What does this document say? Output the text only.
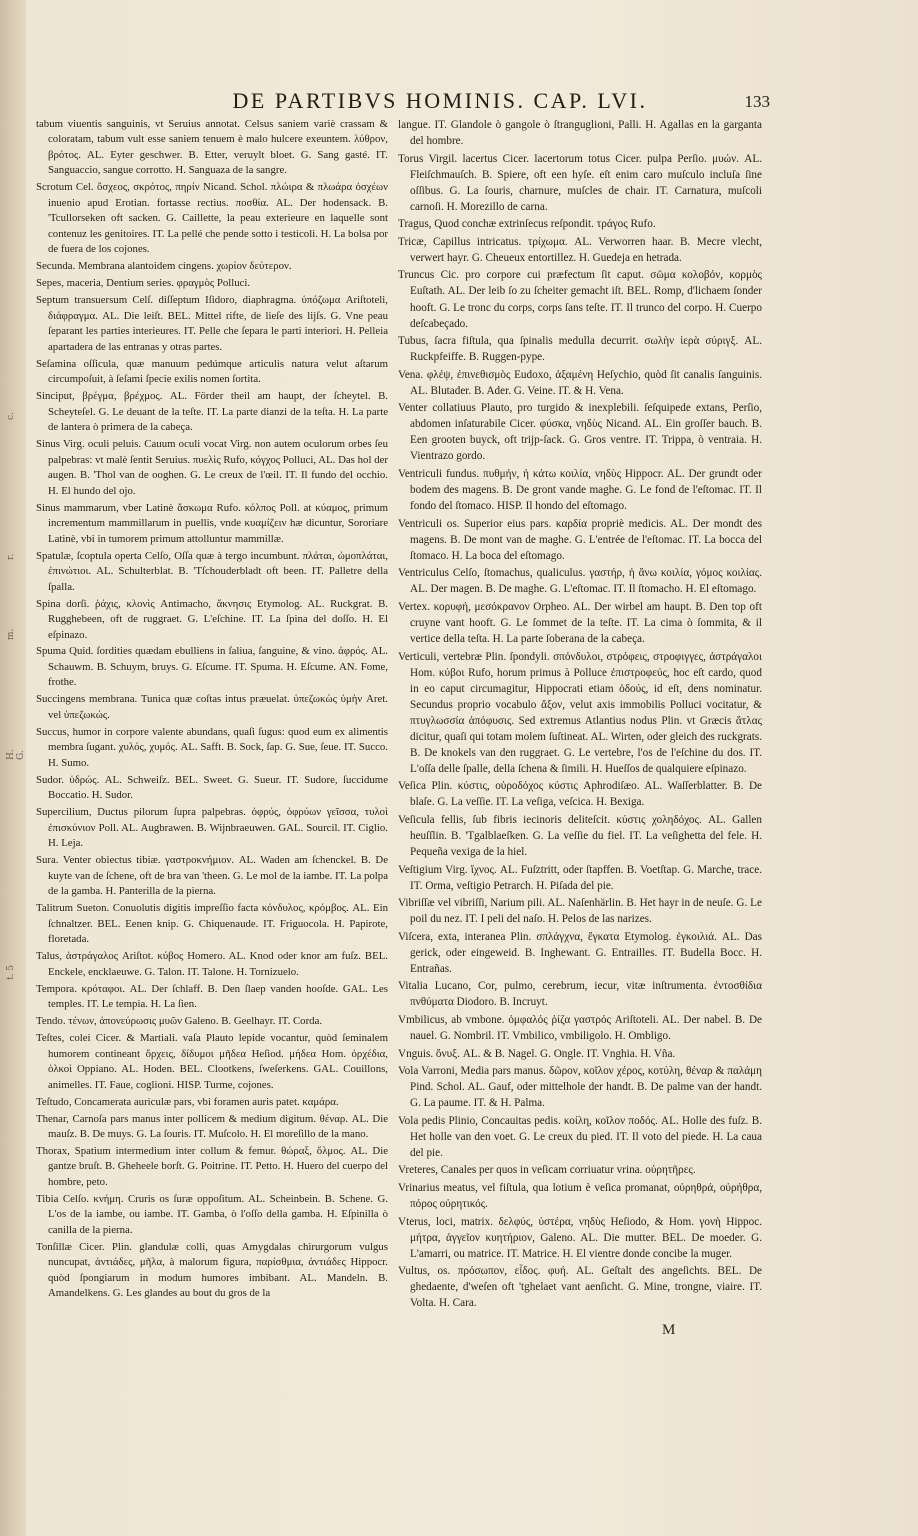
c.
r.
m.
H. G.
t. 5
DE PARTIBVS HOMINIS. CAP. LVI.	133

tabum viuentis sanguinis, vt Seruius annotat. Celsus saniem variè crassam & coloratam, tabum vult esse saniem tenuem è malo hulcere exeuntem. λύθρον, βρότος. AL. Eyter geschwer. B. Etter, veruylt bloet. G. Sang gasté. IT. Sanguaccio, sangue corrotto. H. Sanguaza de la sangre.

Scrotum Cel. ὄσχεος, σκρότος, πηρίν Nicand. Schol. πλώιρα & πλωάρα ὀσχέων inuenio apud Erotian. fortasse rectius. ποσθία. AL. Der hodensack. B. 'Tcullorseken oft sacken. G. Caillette, la peau exterieure en laquelle sont contenuz les genitoires. IT. La pellé che pende sotto i testicoli. H. La bolsa por de fuera de los cojones.

Secunda. Membrana alantoidem cingens. χωρίον δεύτερον.

Sepes, maceria, Dentium series. φραγμὸς Polluci.

Septum transuersum Celſ. diſſeptum Iſidoro, diaphragma. ὑπόζωμα Ariſtoteli, διάφραγμα. AL. Die leiſt. BEL. Mittel rifte, de lieſe des lijſs. G. Vne peau ſeparant les parties interieures. IT. Pelle che ſepara le parti interiori. H. Pelleia apartadera de las entranas y otras partes.

Seſamina oſſicula, quæ manuum pedúmque articulis natura velut aſtarum circumpoſuit, à ſeſami ſpecie exilis nomen ſortita.

Sinciput, βρέγμα, βρέχμος. AL. Förder theil am haupt, der ſcheytel. B. Scheyteſel. G. Le deuant de la teſte. IT. La parte dianzi de la teſta. H. La parte de lantera ò primera de la cabeça.

Sinus Virg. oculi peluis. Cauum oculi vocat Virg. non autem oculorum orbes ſeu palpebras: vt malè ſentit Seruius. πυελὶς Rufo, κόγχος Polluci, AL. Das hol der augen. B. 'Thol van de ooghen. G. Le creux de l'œil. IT. Il fundo del occhio. H. El hundo del ojo.

Sinus mammarum, vber Latinè ἄσκωμα Rufo. κόλπος Poll. at κύαμος, primum incrementum mammillarum in puellis, vnde κυαμίζειν hæ dicuntur, Sororiare Latinè, vbi in tumorem primum attolluntur mammillæ.

Spatulæ, ſcoptula operta Celſo, Oſſa quæ à tergo incumbunt. πλάται, ὠμοπλάται, ἐπινώτιοι. AL. Schulterblat. B. 'Tſchouderbladt oft been. IT. Palletre della ſpalla.

Spina dorſi. ῥάχις, κλονὶς Antimacho, ἄκνησις Etymolog. AL. Ruckgrat. B. Rugghebeen, oft de ruggraet. G. L'eſchine. IT. La ſpina del doſſo. H. El eſpinazo.

Spuma Quid. ſordities quædam ebulliens in ſaliua, ſanguine, & vino. ἀφρός. AL. Schauwm. B. Schuym, bruys. G. Eſcume. IT. Spuma. H. Eſcume. AN. Fome, frothe.

Succingens membrana. Tunica quæ coſtas intus præuelat. ὑπεζωκὼς ὑμὴν Aret. vel ὑπεζωκώς.

Succus, humor in corpore valente abundans, quaſi ſugus: quod eum ex alimentis membra ſugant. χυλός, χυμός. AL. Safft. B. Sock, ſap. G. Sue, ſeue. IT. Succo. H. Sumo.

Sudor. ὑδρώς. AL. Schweiſz. BEL. Sweet. G. Sueur. IT. Sudore, ſuccidume Boccatio. H. Sudor.

Supercilium, Ductus pilorum ſupra palpebras. ὀφρύς, ὀφρύων γεῖσσα, τυλοὶ ἐπισκύνιον Poll. AL. Augbrawen. B. Wijnbraeuwen. GAL. Sourcil. IT. Ciglio. H. Leja.

Sura. Venter obiectus tibiæ. γαστροκνήμιον. AL. Waden am ſchenckel. B. De kuyte van de ſchene, oft de bra van 'theen. G. Le mol de la iambe. IT. La polpa de la gamba. H. Panterilla de la pierna.

Talitrum Sueton. Conuolutis digitis impreſſio facta κόνδυλος, κρόμβος. AL. Ein ſchnaltzer. BEL. Eenen knip. G. Chiquenaude. IT. Friguocola. H. Papirote, floretada.

Talus, ἀστράγαλος Ariſtot. κύβος Homero. AL. Knod oder knor am fuſz. BEL. Enckele, encklaeuwe. G. Talon. IT. Talone. H. Tornizuelo.

Tempora. κρόταφοι. AL. Der ſchlaff. B. Den ſlaep vanden hooſde. GAL. Les temples. IT. Le tempia. H. La ſien.

Tendo. τένων, ἀπονεύρωσις μυῶν Galeno. B. Geelhayr. IT. Corda.

Teſtes, colei Cicer. & Martiali. vaſa Plauto lepide vocantur, quòd ſeminalem humorem contineant ὄρχεις, δίδυμοι μῆδεα Heſiod. μήδεα Hom. ὀρχέδια, ὁλκοὶ Oppiano. AL. Hoden. BEL. Clootkens, ſweſerkens. GAL. Couillons, animelles. IT. Faue, coglioni. HISP. Turme, cojones.

Teſtudo, Concamerata auriculæ pars, vbi foramen auris patet. καμάρα.

Thenar, Carnoſa pars manus inter pollicem & medium digitum. θέναρ. AL. Die mauſz. B. De muys. G. La ſouris. IT. Muſcolo. H. El moreſillo de la mano.

Thorax, Spatium intermedium inter collum & femur. θώραξ, ὄλμος. AL. Die gantze bruſt. B. Gheheele borſt. G. Poitrine. IT. Petto. H. Huero del cuerpo del hombre, peto.

Tibia Celſo. κνήμη. Cruris os ſuræ oppoſitum. AL. Scheinbein. B. Schene. G. L'os de la iambe, ou iambe. IT. Gamba, ò l'oſſo della gamba. H. Eſpinilla ò canilla de la pierna.

Tonſillæ Cicer. Plin. glandulæ colli, quas Amygdalas chirurgorum vulgus nuncupat, ἀντιάδες, μῆλα, à malorum figura, παρίσθμια, ἀντιάδες Hippocr. quòd ſpongiarum in modum humores imbibant. AL. Mandeln. B. Amandelkens. G. Les glandes au bout du gros de la

langue. IT. Glandole ò gangole ò ſtranguglioni, Palli. H. Agallas en la garganta del hombre.

Torus Virgil. lacertus Cicer. lacertorum totus Cicer. pulpa Perſio. μυών. AL. Fleiſchmauſch. B. Spiere, oft een hyſe. eſt enim caro muſculo incluſa ſine oſſibus. G. La ſouris, charnure, muſcles de chair. IT. Carnatura, muſcoli carnoſi. H. Morezillo de carna.

Tragus, Quod conchæ extrinſecus reſpondit. τράγος Rufo.

Tricæ, Capillus intricatus. τρίχωμα. AL. Verworren haar. B. Mecre vlecht, verwert hayr. G. Cheueux entortillez. H. Guedeja en hetrada.

Truncus Cic. pro corpore cui præfectum ſit caput. σῶμα κολοβόν, κορμὸς Euſtath. AL. Der leib ſo zu ſcheiter gemacht iſt. BEL. Romp, d'lichaem ſonder hooft. G. Le tronc du corps, corps ſans teſte. IT. Il trunco del corpo. H. Cuerpo deſcabeçado.

Tubus, ſacra fiſtula, qua ſpinalis medulla decurrit. σωλὴν ἱερὰ σύριγξ. AL. Ruckpfeiffe. B. Ruggen-pype.

Vena. φλέψ, ἐπινεθισμὸς Eudoxo, ἀξαμένη Heſychio, quòd ſit canalis ſanguinis. AL. Blutader. B. Ader. G. Veine. IT. & H. Vena.

Venter collatiuus Plauto, pro turgido & inexplebili. ſeſquipede extans, Perſio, abdomen inſaturabile Cicer. φύσκα, νηδὺς Nicand. AL. Ein groſſer bauch. B. Een grooten buyck, oft trijp-ſack. G. Gros ventre. IT. Trippa, ò ventraia. H. Vientrazo gordo.

Ventriculi fundus. πυθμήν, ἡ κάτω κοιλία, νηδὺς Hippocr. AL. Der grundt oder bodem des magens. B. De gront vande maghe. G. Le fond de l'eſtomac. IT. Il fondo del ſtomaco. HISP. Il hondo del eſtomago.

Ventriculi os. Superior eius pars. καρδία propriè medicis. AL. Der mondt des magens. B. De mont van de maghe. G. L'entrée de l'eſtomac. IT. La bocca del ſtomaco. H. La boca del eſtomago.

Ventriculus Celſo, ſtomachus, qualiculus. γαστήρ, ἡ ἄνω κοιλία, γόμος κοιλίας. AL. Der magen. B. De maghe. G. L'eſtomac. IT. Il ſtomacho. H. El eſtomago.

Vertex. κορυφή, μεσόκρανον Orpheo. AL. Der wirbel am haupt. B. Den top oft cruyne vant hooft. G. Le ſommet de la teſte. IT. La cima ò ſommita, & il vertice della teſta. H. La parte ſoberana de la cabeça.

Verticuli, vertebræ Plin. ſpondyli. σπόνδυλοι, στρόφεις, στροφιγγες, ἀστράγαλοι Hom. κύβοι Rufo, horum primus à Polluce ἐπιστροφεύς, hoc eſt cardo, quod in eo caput circumagitur, Hippocrati etiam ὀδούς, id eſt, dens nominatur. Secundus proprio vocabulo ἄξον, velut axis immobilis Polluci vocitatur, & πτυγλωσσία ἀπόφυσις. Sed extremus Atlantius nodus Plin. vt Græcis ἄτλας dicitur, quaſi qui totam molem ſuſtineat. AL. Wirten, oder gleich des ruckgrats. B. De knokels van den ruggraet. G. Le vertebre, l'os de l'eſchine du dos. IT. L'oſſa delle ſpalle, della ſchena & ſimili. H. Hueſſos de qualquiere eſpinazo.

Veſica Plin. κύστις, οὐροδόχος κύστις Aphrodiſæo. AL. Waſſerblatter. B. De blaſe. G. La veſſie. IT. La veſiga, veſcica. H. Bexiga.

Veſicula fellis, ſub fibris iecinoris deliteſcit. κύστις χοληδόχος. AL. Gallen heuſſlin. B. 'Tgalblaeſken. G. La veſſie du fiel. IT. La veſighetta del fele. H. Pequeña vexiga de la hiel.

Veſtigium Virg. ἴχνος. AL. Fuſztritt, oder ſtapffen. B. Voetſtap. G. Marche, trace. IT. Orma, veſtigio Petrarch. H. Piſada del pie.

Vibriſſæ vel vibriſſi, Narium pili. AL. Naſenhärlin. B. Het hayr in de neuſe. G. Le poil du nez. IT. I peli del naſo. H. Pelos de las narizes.

Viſcera, exta, interanea Plin. σπλάγχνα, ἔγκατα Etymolog. ἐγκοιλιά. AL. Das gerick, oder eingeweid. B. Inghewant. G. Entrailles. IT. Budella Bocc. H. Entrañas.

Vitalia Lucano, Cor, pulmo, cerebrum, iecur, vitæ inſtrumenta. ἐντοσθίδια πνθύματα Diodoro. B. Incruyt.

Vmbilicus, ab vmbone. ὀμφαλός ῥίζα γαστρός Ariſtoteli. AL. Der nabel. B. De nauel. G. Nombril. IT. Vmbilico, vmbiligolo. H. Ombligo.

Vnguis. ὄνυξ. AL. & B. Nagel. G. Ongle. IT. Vnghia. H. Vña.

Vola Varroni, Media pars manus. δῶρον, κοῖλον χέρος, κοτύλη, θέναρ & παλάμη Pind. Schol. AL. Gauf, oder mittelhole der handt. B. De palme van der handt. G. La paume. IT. & H. Palma.

Vola pedis Plinio, Concauitas pedis. κοίλη, κοῖλον ποδός. AL. Holle des fuſz. B. Het holle van den voet. G. Le creux du pied. IT. Il voto del piede. H. La caua del pie.

Vreteres, Canales per quos in veſicam corriuatur vrina. οὐρητῆρες.

Vrinarius meatus, vel fiſtula, qua lotium è veſica promanat, οὐρηθρά, οὐρήθρα, πόρος οὐρητικός.

Vterus, loci, matrix. δελφύς, ὑστέρα, νηδὺς Heſiodo, & Hom. γονὴ Hippoc. μήτρα, ἀγγεῖον κυητήριον, Galeno. AL. Die mutter. BEL. De moeder. G. L'amarri, ou matrice. IT. Matrice. H. El vientre donde concibe la muger.

Vultus, os. πρόσωπον, εἶδος. φυή. AL. Geſtalt des angeſichts. BEL. De ghedaente, d'weſen oft 'tghelaet vant aenſicht. G. Mine, trongne, viaire. IT. Volta. H. Cara.

M
